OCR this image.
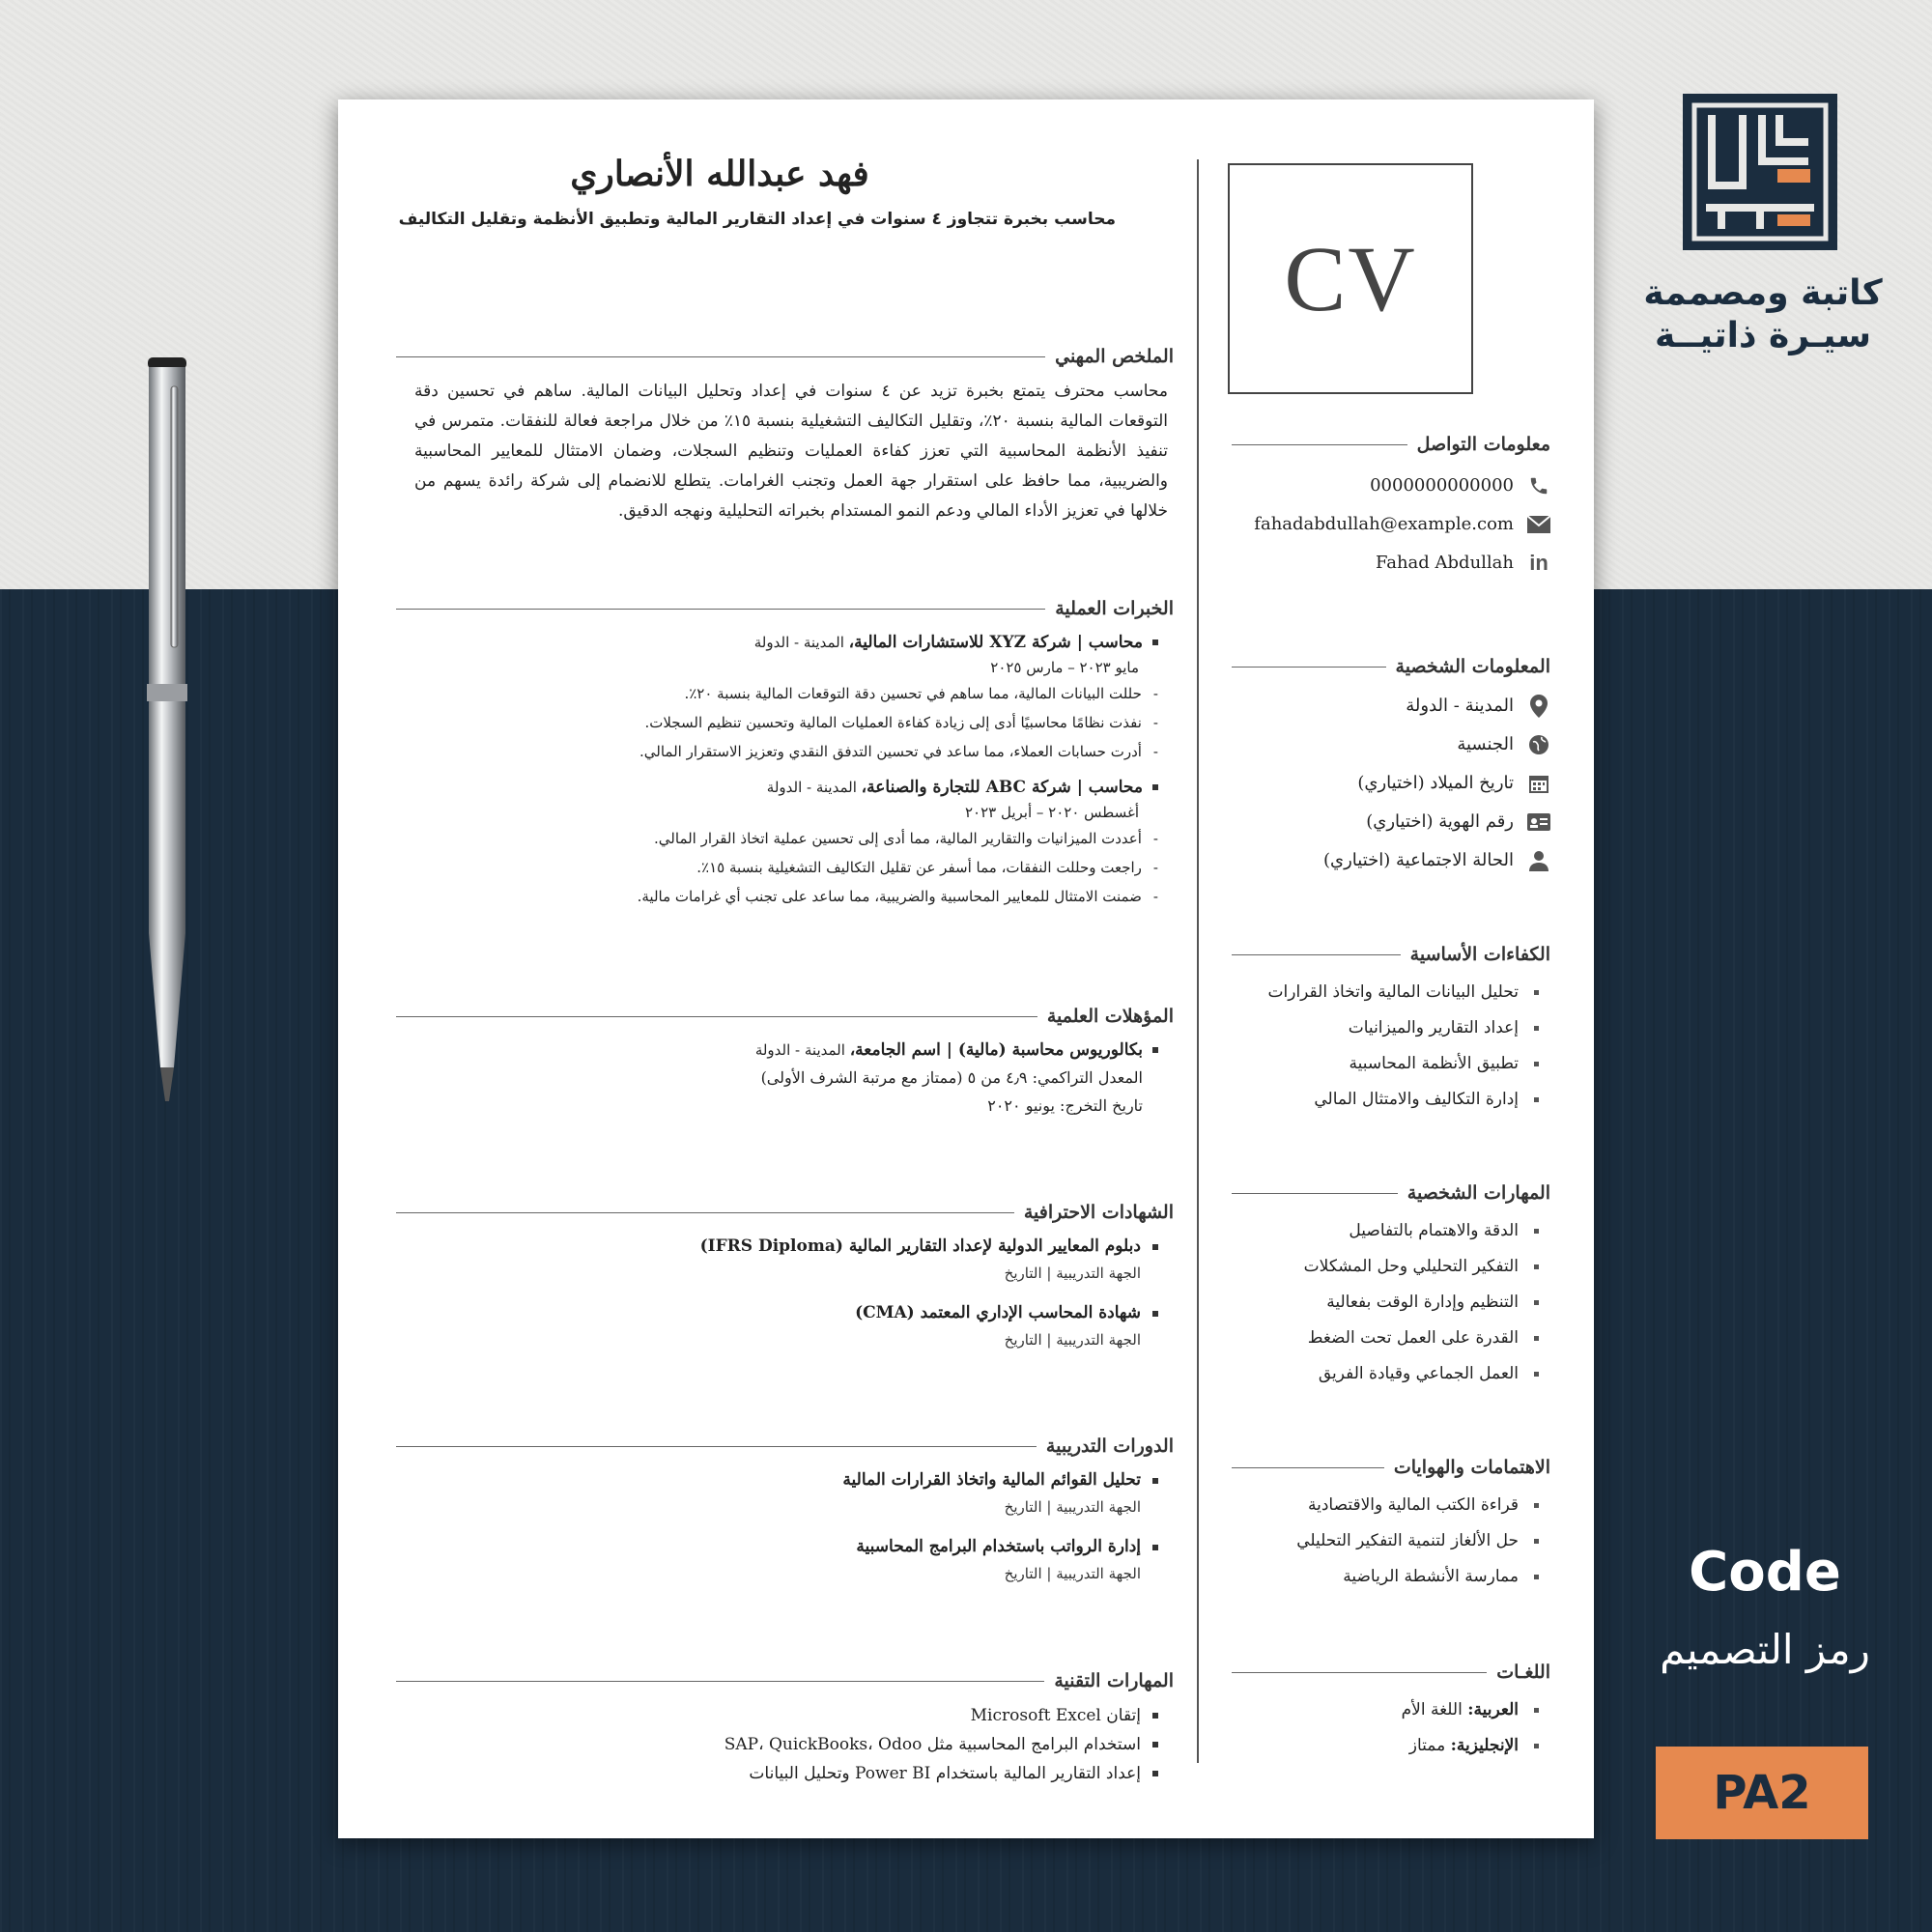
فهد عبدالله الأنصاري
محاسب بخبرة تتجاوز ٤ سنوات في إعداد التقارير المالية وتطبيق الأنظمة وتقليل التكاليف
الملخص المهني
محاسب محترف يتمتع بخبرة تزيد عن ٤ سنوات في إعداد وتحليل البيانات المالية. ساهم في تحسين دقة التوقعات المالية بنسبة ٢٠٪، وتقليل التكاليف التشغيلية بنسبة ١٥٪ من خلال مراجعة فعالة للنفقات. متمرس في تنفيذ الأنظمة المحاسبية التي تعزز كفاءة العمليات وتنظيم السجلات، وضمان الامتثال للمعايير المحاسبية والضريبية، مما حافظ على استقرار جهة العمل وتجنب الغرامات. يتطلع للانضمام إلى شركة رائدة يسهم من خلالها في تعزيز الأداء المالي ودعم النمو المستدام بخبراته التحليلية ونهجه الدقيق.
الخبرات العملية
محاسب | شركة XYZ للاستشارات المالية، المدينة - الدولة
مايو ٢٠٢٣ – مارس ٢٠٢٥
-
حللت البيانات المالية، مما ساهم في تحسين دقة التوقعات المالية بنسبة ٢٠٪.
-
نفذت نظامًا محاسبيًا أدى إلى زيادة كفاءة العمليات المالية وتحسين تنظيم السجلات.
-
أدرت حسابات العملاء، مما ساعد في تحسين التدفق النقدي وتعزيز الاستقرار المالي.
محاسب | شركة ABC للتجارة والصناعة، المدينة - الدولة
أغسطس ٢٠٢٠ – أبريل ٢٠٢٣
-
أعددت الميزانيات والتقارير المالية، مما أدى إلى تحسين عملية اتخاذ القرار المالي.
-
راجعت وحللت النفقات، مما أسفر عن تقليل التكاليف التشغيلية بنسبة ١٥٪.
-
ضمنت الامتثال للمعايير المحاسبية والضريبية، مما ساعد على تجنب أي غرامات مالية.
المؤهلات العلمية
بكالوريوس محاسبة (مالية) | اسم الجامعة، المدينة - الدولة
المعدل التراكمي: ٤٫٩ من ٥ (ممتاز مع مرتبة الشرف الأولى)
تاريخ التخرج: يونيو ٢٠٢٠
الشهادات الاحترافية
دبلوم المعايير الدولية لإعداد التقارير المالية (IFRS Diploma)
الجهة التدريبية | التاريخ
شهادة المحاسب الإداري المعتمد (CMA)
الجهة التدريبية | التاريخ
الدورات التدريبية
تحليل القوائم المالية واتخاذ القرارات المالية
الجهة التدريبية | التاريخ
إدارة الرواتب باستخدام البرامج المحاسبية
الجهة التدريبية | التاريخ
المهارات التقنية
إتقان Microsoft Excel
استخدام البرامج المحاسبية مثل SAP، QuickBooks، Odoo
إعداد التقارير المالية باستخدام Power BI وتحليل البيانات
CV
معلومات التواصل
0000000000000
fahadabdullah@example.com
in
Fahad Abdullah
المعلومات الشخصية
المدينة - الدولة
الجنسية
تاريخ الميلاد (اختياري)
رقم الهوية (اختياري)
الحالة الاجتماعية (اختياري)
الكفاءات الأساسية
تحليل البيانات المالية واتخاذ القرارات
إعداد التقارير والميزانيات
تطبيق الأنظمة المحاسبية
إدارة التكاليف والامتثال المالي
المهارات الشخصية
الدقة والاهتمام بالتفاصيل
التفكير التحليلي وحل المشكلات
التنظيم وإدارة الوقت بفعالية
القدرة على العمل تحت الضغط
العمل الجماعي وقيادة الفريق
الاهتمامات والهوايات
قراءة الكتب المالية والاقتصادية
حل الألغاز لتنمية التفكير التحليلي
ممارسة الأنشطة الرياضية
اللغـات
العربية: اللغة الأم
الإنجليزية: ممتاز
كاتبة ومصممة
سيـرة ذاتيــة
Code
رمز التصميم
PA2
